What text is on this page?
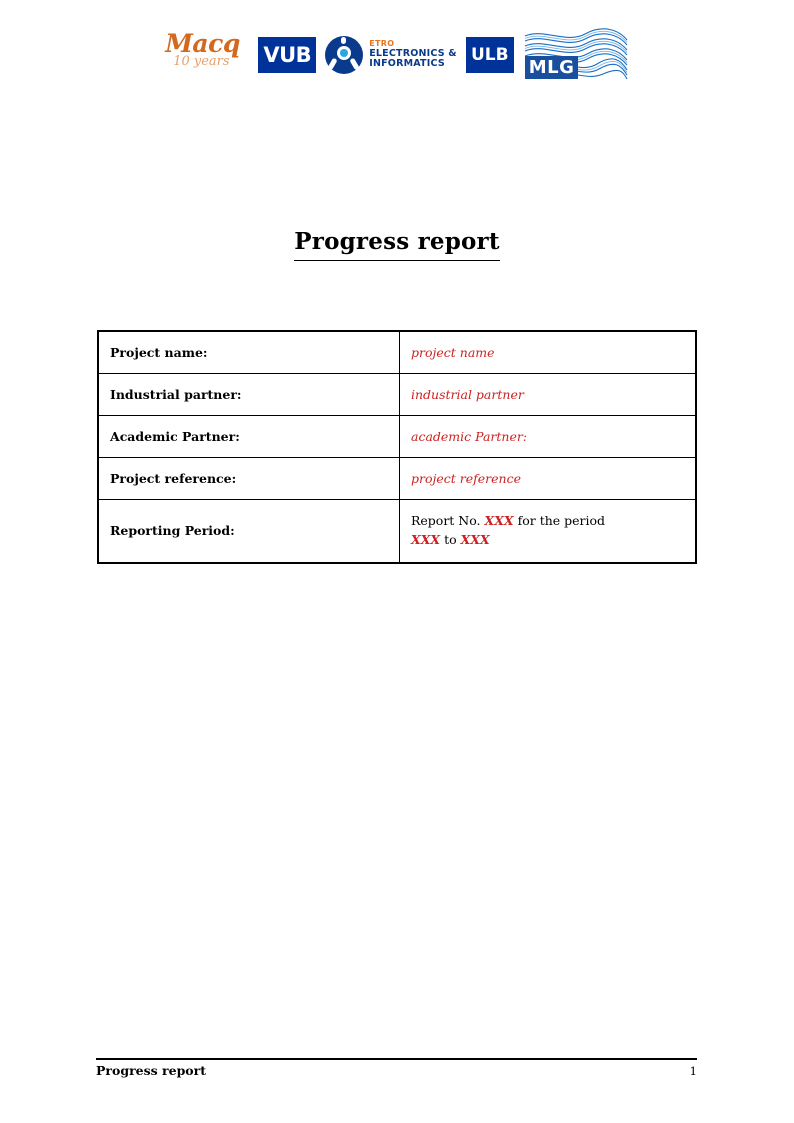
Macq
10 years VUB	ETRO
ELECTRONICS &
INFORMATICS	ULB
MLG
Progress report
Project name:	project name

Industrial partner:	industrial partner

Academic Partner:	academic Partner:

Project reference:	project reference

Reporting Period:	Report No. XXX for the period
XXX to XXX
Progress report	1
